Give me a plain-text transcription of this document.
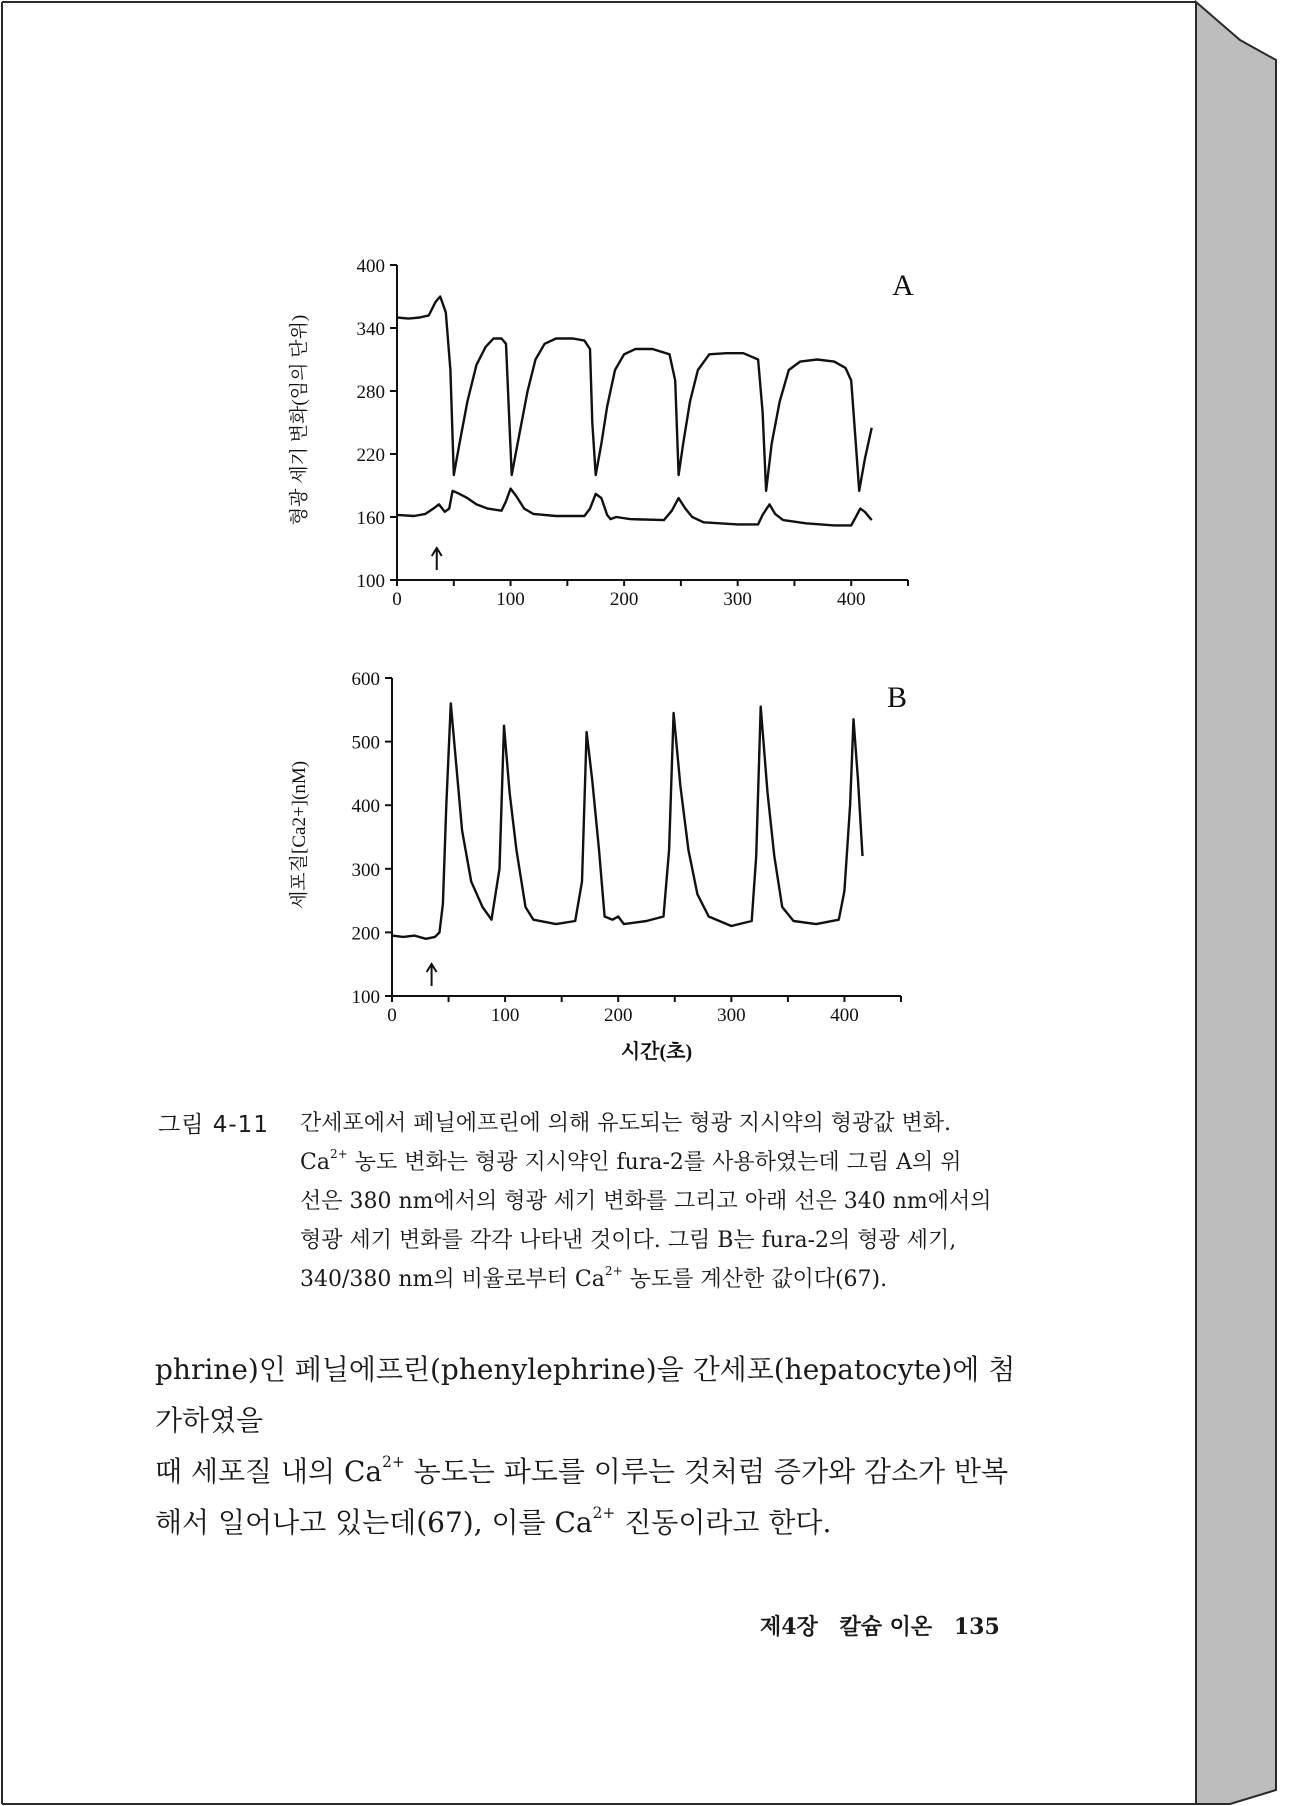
100
160
220
280
340
400
0	100	200	300	400
A
형광 세기 변화(임의 단위)
100
200
300
400
500
600
0	100	200	300	400
B
세포질[Ca2+](nM)
시간(초)
그림 4-11 간세포에서 페닐에프린에 의해 유도되는 형광 지시약의 형광값 변화.

$Ca^{2+}$ 농도 변화는 형광 지시약인 fura-2를 사용하였는데 그림 A의 위

선은 380 nm에서의 형광 세기 변화를 그리고 아래 선은 340 nm에서의

형광 세기 변화를 각각 나타낸 것이다. 그림 B는 fura-2의 형광 세기,

340/380 nm의 비율로부터 $Ca^{2+}$ 농도를 계산한 값이다(67).

phrine)인 페닐에프린(phenylephrine)을 간세포(hepatocyte)에 첨가하였을

때 세포질 내의 $Ca^{2+}$ 농도는 파도를 이루는 것처럼 증가와 감소가 반복

해서 일어나고 있는데(67), 이를 $Ca^{2+}$ 진동이라고 한다.

제4장 칼슘 이온 135
